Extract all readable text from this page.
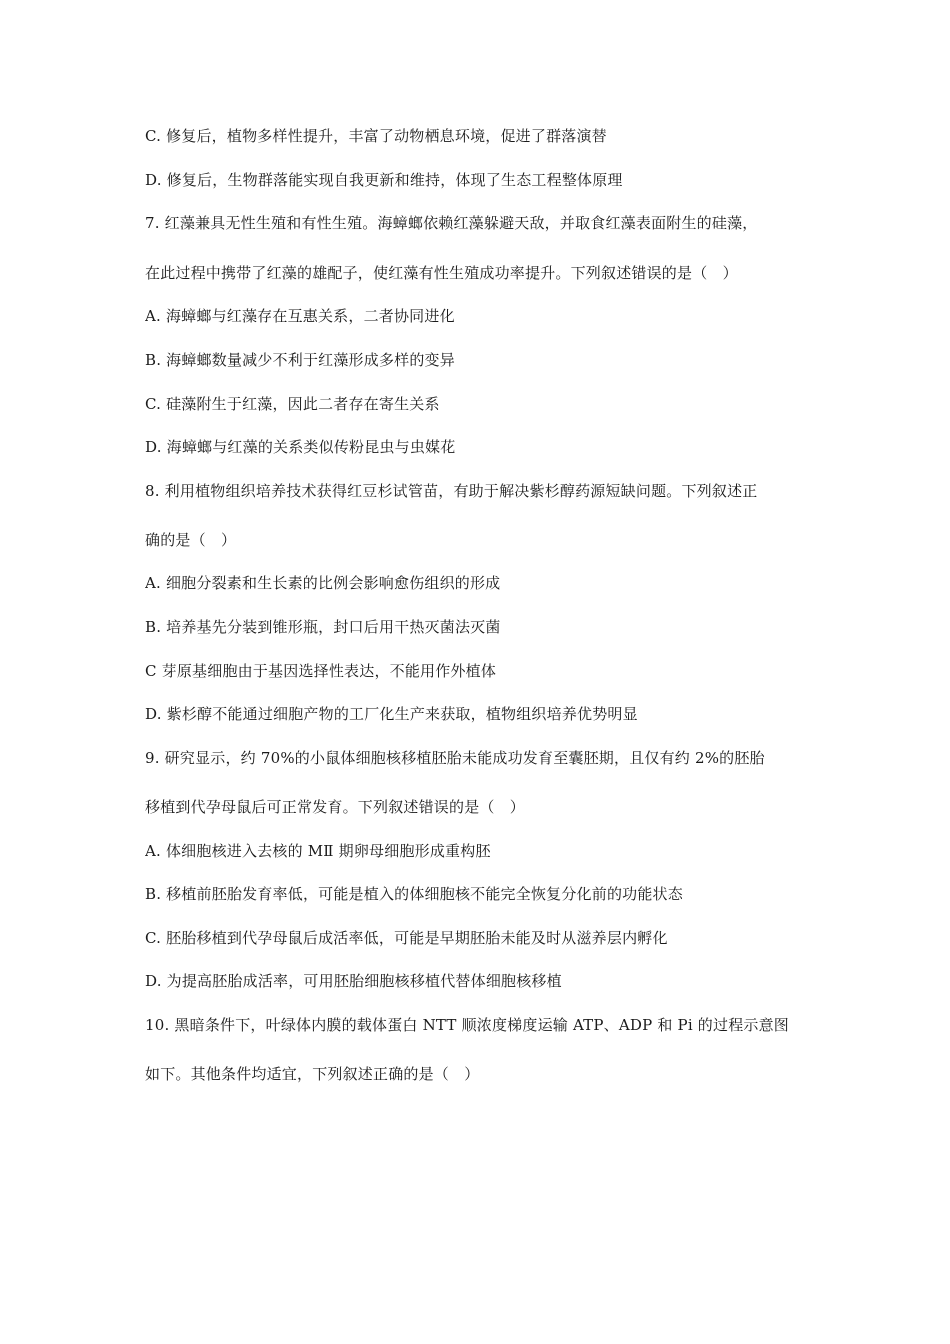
C. 修复后，植物多样性提升，丰富了动物栖息环境，促进了群落演替
D. 修复后，生物群落能实现自我更新和维持，体现了生态工程整体原理
7. 红藻兼具无性生殖和有性生殖。海蟑螂依赖红藻躲避天敌，并取食红藻表面附生的硅藻，
在此过程中携带了红藻的雄配子，使红藻有性生殖成功率提升。下列叙述错误的是（　）
A. 海蟑螂与红藻存在互惠关系，二者协同进化
B. 海蟑螂数量减少不利于红藻形成多样的变异
C. 硅藻附生于红藻，因此二者存在寄生关系
D. 海蟑螂与红藻的关系类似传粉昆虫与虫媒花
8. 利用植物组织培养技术获得红豆杉试管苗，有助于解决紫杉醇药源短缺问题。下列叙述正
确的是（　）
A. 细胞分裂素和生长素的比例会影响愈伤组织的形成
B. 培养基先分装到锥形瓶，封口后用干热灭菌法灭菌
C 芽原基细胞由于基因选择性表达，不能用作外植体
D. 紫杉醇不能通过细胞产物的工厂化生产来获取，植物组织培养优势明显
9. 研究显示，约 70%的小鼠体细胞核移植胚胎未能成功发育至囊胚期，且仅有约 2%的胚胎
移植到代孕母鼠后可正常发育。下列叙述错误的是（　）
A. 体细胞核进入去核的 MⅡ 期卵母细胞形成重构胚
B. 移植前胚胎发育率低，可能是植入的体细胞核不能完全恢复分化前的功能状态
C. 胚胎移植到代孕母鼠后成活率低，可能是早期胚胎未能及时从滋养层内孵化
D. 为提高胚胎成活率，可用胚胎细胞核移植代替体细胞核移植
10. 黑暗条件下，叶绿体内膜的载体蛋白 NTT 顺浓度梯度运输 ATP、ADP 和 Pi 的过程示意图
如下。其他条件均适宜，下列叙述正确的是（　）
